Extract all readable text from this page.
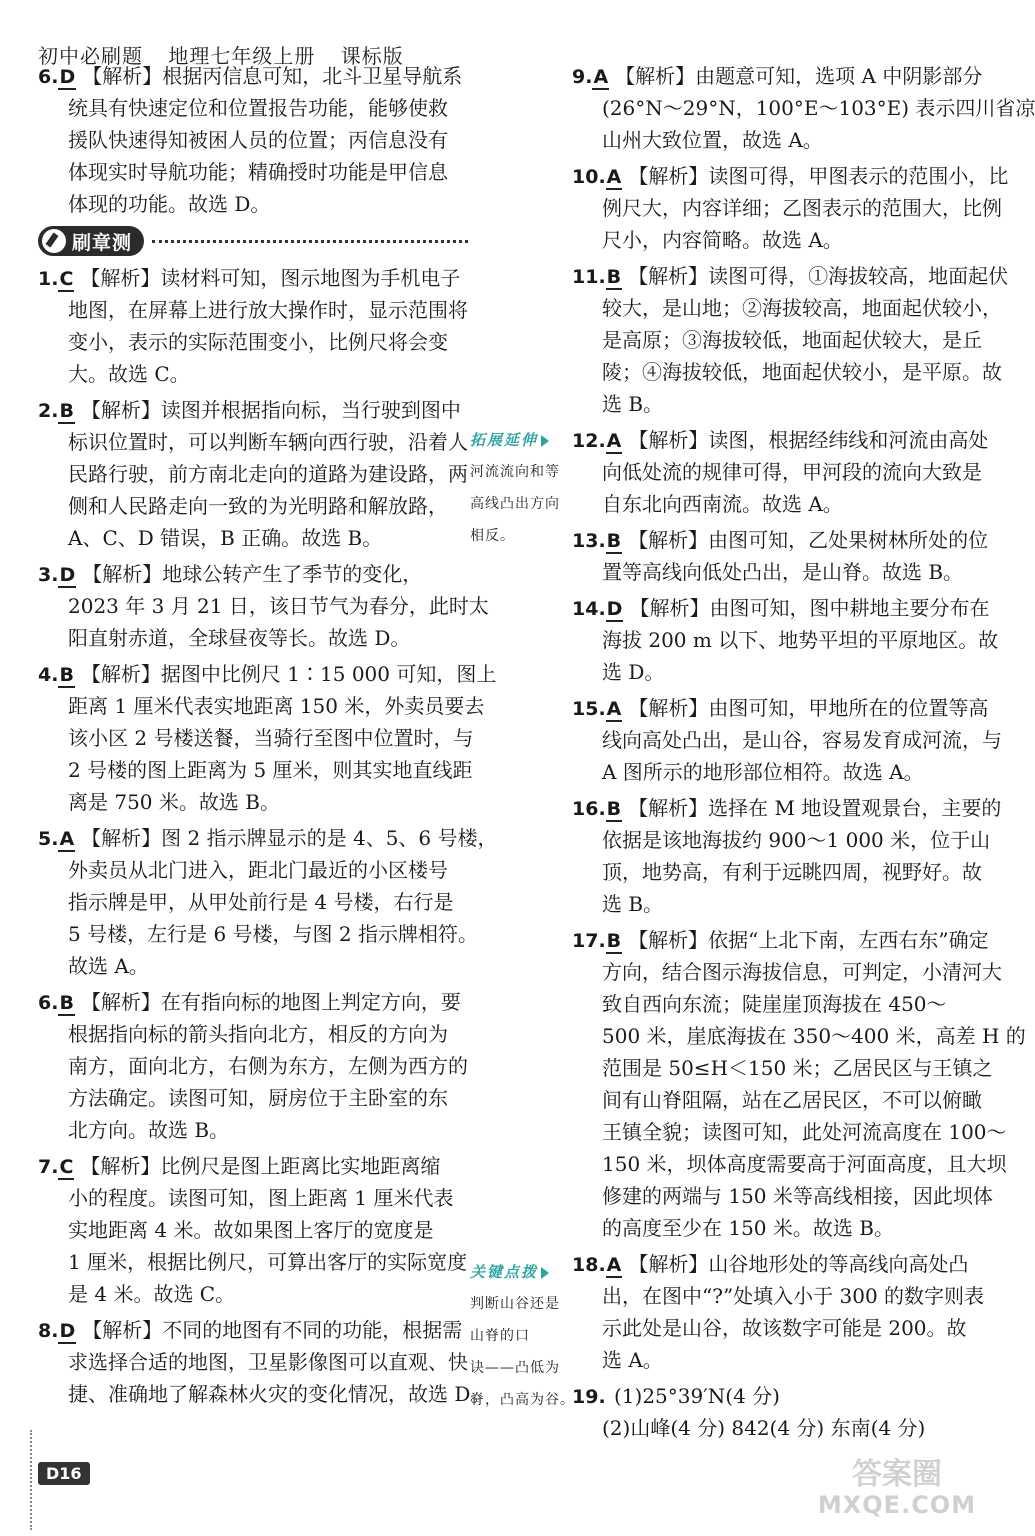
初中必刷题 地理七年级上册 课标版
6.D 【解析】根据丙信息可知，北斗卫星导航系
统具有快速定位和位置报告功能，能够使救
援队快速得知被困人员的位置；丙信息没有
体现实时导航功能；精确授时功能是甲信息
体现的功能。故选 D。
刷章测
1.C 【解析】读材料可知，图示地图为手机电子
地图，在屏幕上进行放大操作时，显示范围将
变小，表示的实际范围变小，比例尺将会变
大。故选 C。
2.B 【解析】读图并根据指向标，当行驶到图中
标识位置时，可以判断车辆向西行驶，沿着人
民路行驶，前方南北走向的道路为建设路，两
侧和人民路走向一致的为光明路和解放路，
A、C、D 错误，B 正确。故选 B。
3.D 【解析】地球公转产生了季节的变化，
2023 年 3 月 21 日，该日节气为春分，此时太
阳直射赤道，全球昼夜等长。故选 D。
4.B 【解析】据图中比例尺 1∶15 000 可知，图上
距离 1 厘米代表实地距离 150 米，外卖员要去
该小区 2 号楼送餐，当骑行至图中位置时，与
2 号楼的图上距离为 5 厘米，则其实地直线距
离是 750 米。故选 B。
5.A 【解析】图 2 指示牌显示的是 4、5、6 号楼，
外卖员从北门进入，距北门最近的小区楼号
指示牌是甲，从甲处前行是 4 号楼，右行是
5 号楼，左行是 6 号楼，与图 2 指示牌相符。
故选 A。
6.B 【解析】在有指向标的地图上判定方向，要
根据指向标的箭头指向北方，相反的方向为
南方，面向北方，右侧为东方，左侧为西方的
方法确定。读图可知，厨房位于主卧室的东
北方向。故选 B。
7.C 【解析】比例尺是图上距离比实地距离缩
小的程度。读图可知，图上距离 1 厘米代表
实地距离 4 米。故如果图上客厅的宽度是
1 厘米，根据比例尺，可算出客厅的实际宽度
是 4 米。故选 C。
8.D 【解析】不同的地图有不同的功能，根据需
求选择合适的地图，卫星影像图可以直观、快
捷、准确地了解森林火灾的变化情况，故选 D。
9.A 【解析】由题意可知，选项 A 中阴影部分
(26°N～29°N，100°E～103°E) 表示四川省凉
山州大致位置，故选 A。
10.A 【解析】读图可得，甲图表示的范围小，比
例尺大，内容详细；乙图表示的范围大，比例
尺小，内容简略。故选 A。
11.B 【解析】读图可得，①海拔较高，地面起伏
较大，是山地；②海拔较高，地面起伏较小，
是高原；③海拔较低，地面起伏较大，是丘
陵；④海拔较低，地面起伏较小，是平原。故
选 B。
12.A 【解析】读图，根据经纬线和河流由高处
向低处流的规律可得，甲河段的流向大致是
自东北向西南流。故选 A。
13.B 【解析】由图可知，乙处果树林所处的位
置等高线向低处凸出，是山脊。故选 B。
14.D 【解析】由图可知，图中耕地主要分布在
海拔 200 m 以下、地势平坦的平原地区。故
选 D。
15.A 【解析】由图可知，甲地所在的位置等高
线向高处凸出，是山谷，容易发育成河流，与
A 图所示的地形部位相符。故选 A。
16.B 【解析】选择在 M 地设置观景台，主要的
依据是该地海拔约 900～1 000 米，位于山
顶，地势高，有利于远眺四周，视野好。故
选 B。
17.B 【解析】依据“上北下南，左西右东”确定
方向，结合图示海拔信息，可判定，小清河大
致自西向东流；陡崖崖顶海拔在 450～
500 米，崖底海拔在 350～400 米，高差 H 的
范围是 50≤H＜150 米；乙居民区与王镇之
间有山脊阻隔，站在乙居民区，不可以俯瞰
王镇全貌；读图可知，此处河流高度在 100～
150 米，坝体高度需要高于河面高度，且大坝
修建的两端与 150 米等高线相接，因此坝体
的高度至少在 150 米。故选 B。
18.A 【解析】山谷地形处的等高线向高处凸
出，在图中“?”处填入小于 300 的数字则表
示此处是山谷，故该数字可能是 200。故
选 A。
19. (1)25°39′N(4 分)
(2)山峰(4 分) 842(4 分) 东南(4 分)
拓展延伸
河流流向和等
高线凸出方向
相反。
关键点拨
判断山谷还是
山脊的口
诀——凸低为
脊，凸高为谷。
D16	答案圈
MXQE.COM
